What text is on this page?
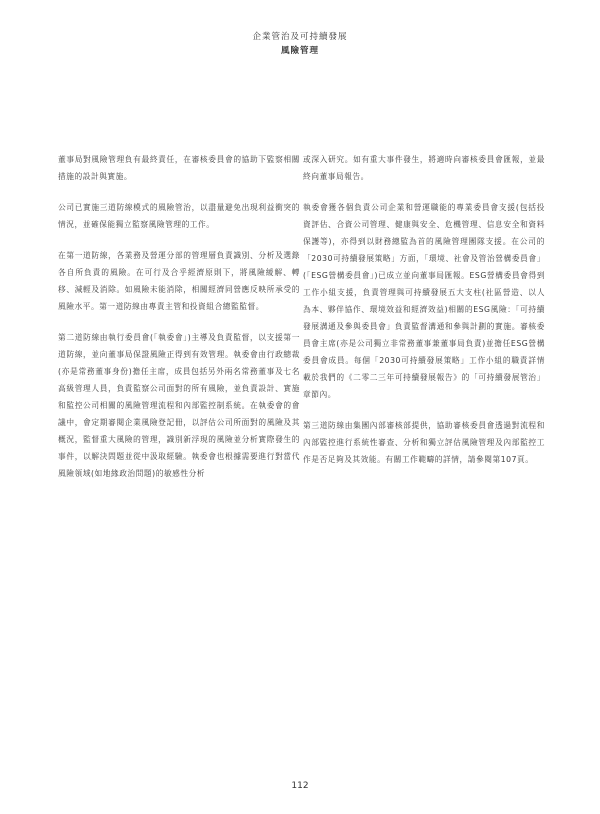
企業管治及可持續發展
風險管理

董事局對風險管理負有最終責任，在審核委員會的協助下監察相關措施的設計與實施。

公司已實施三道防線模式的風險管治，以盡量避免出現利益衝突的情況，並確保能獨立監察風險管理的工作。

在第一道防線，各業務及營運分部的管理層負責識別、分析及選錄各自所負責的風險。在可行及合乎經濟原則下，將風險緩解、轉移、減輕及消除。如風險未能消除，相關經濟同營應反映所承受的風險水平。第一道防線由專責主管和投資組合總監監督。

第二道防線由執行委員會(「執委會」)主導及負責監督，以支援第一道防線，並向董事局保證風險正得到有效管理。執委會由行政總裁(亦是常務董事身份)擔任主席，成員包括另外兩名常務董事及七名高級管理人員，負責監察公司面對的所有風險，並負責設計、實施和監控公司相關的風險管理流程和內部監控制系統。在執委會的會議中，會定期審閱企業風險登記冊，以評估公司所面對的風險及其概況，監督重大風險的管理，識別新浮現的風險並分析實際發生的事件，以解決問題並從中汲取經驗。執委會也根據需要進行對當代風險領域(如地緣政治問題)的敏感性分析

或深入研究。如有重大事件發生，將適時向審核委員會匯報，並最終向董事局報告。

執委會獲各個負責公司企業和營運職能的專業委員會支援(包括投資評估、合資公司管理、健康與安全、危機管理、信息安全和資料保護等)，亦得到以財務總監為首的風險管理團隊支援。在公司的「2030可持續發展策略」方面，「環境、社會及管治營構委員會」(「ESG營構委員會」)已成立並向董事局匯報。ESG營構委員會得到工作小組支援，負責管理與可持續發展五大支柱(社區營造、以人為本、夥伴協作、環境效益和經濟效益)相關的ESG風險：「可持續發展溝通及參與委員會」負責監督溝通和參與計劃的實施。審核委員會主席(亦是公司獨立非常務董事兼董事局負責)並擔任ESG營構委員會成員。每個「2030可持續發展策略」工作小組的職責詳情載於我們的《二零二三年可持續發展報告》的「可持續發展管治」章節內。

第三道防線由集團內部審核部提供，協助審核委員會透過對流程和內部監控進行系統性審查、分析和獨立評估風險管理及內部監控工作是否足夠及其效能。有關工作範疇的詳情，請參閱第107頁。

112
